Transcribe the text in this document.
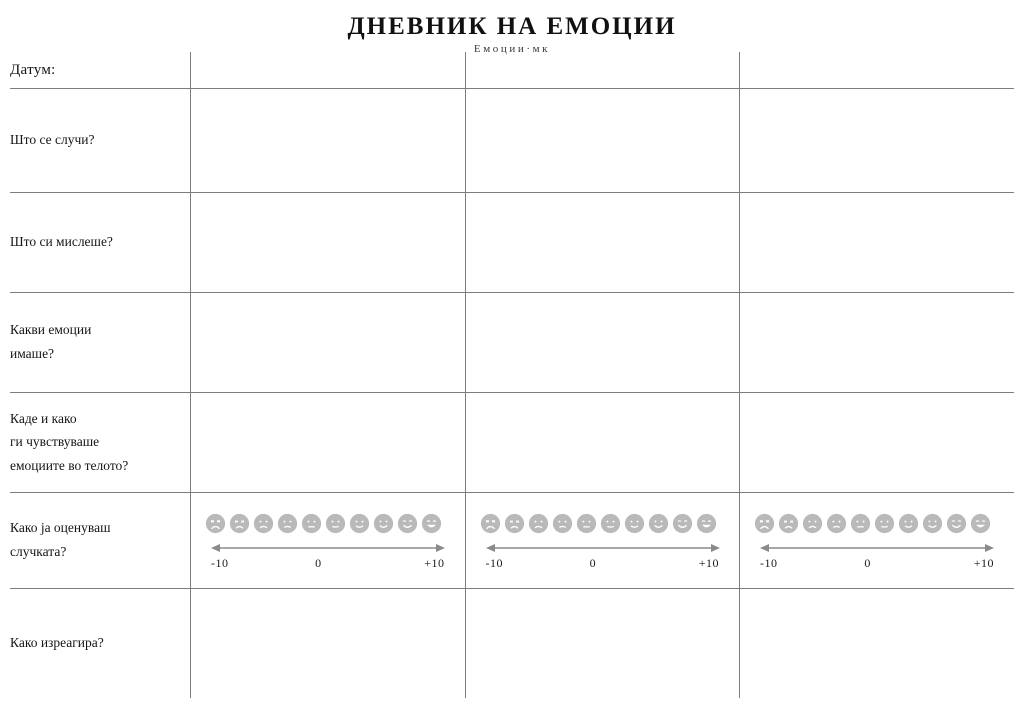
ДНЕВНИК НА ЕМОЦИИ
Емоции·мк
Датум:			

Што се случи?			

Што си мислеше?			

Какви емоции
имаше?			

Каде и како
ги чувствуваше
емоциите во телото?			

Како ја оценуваш
случката?	-10 0 +10	-10 0 +10	-10 0 +10

Како изреагира?			
